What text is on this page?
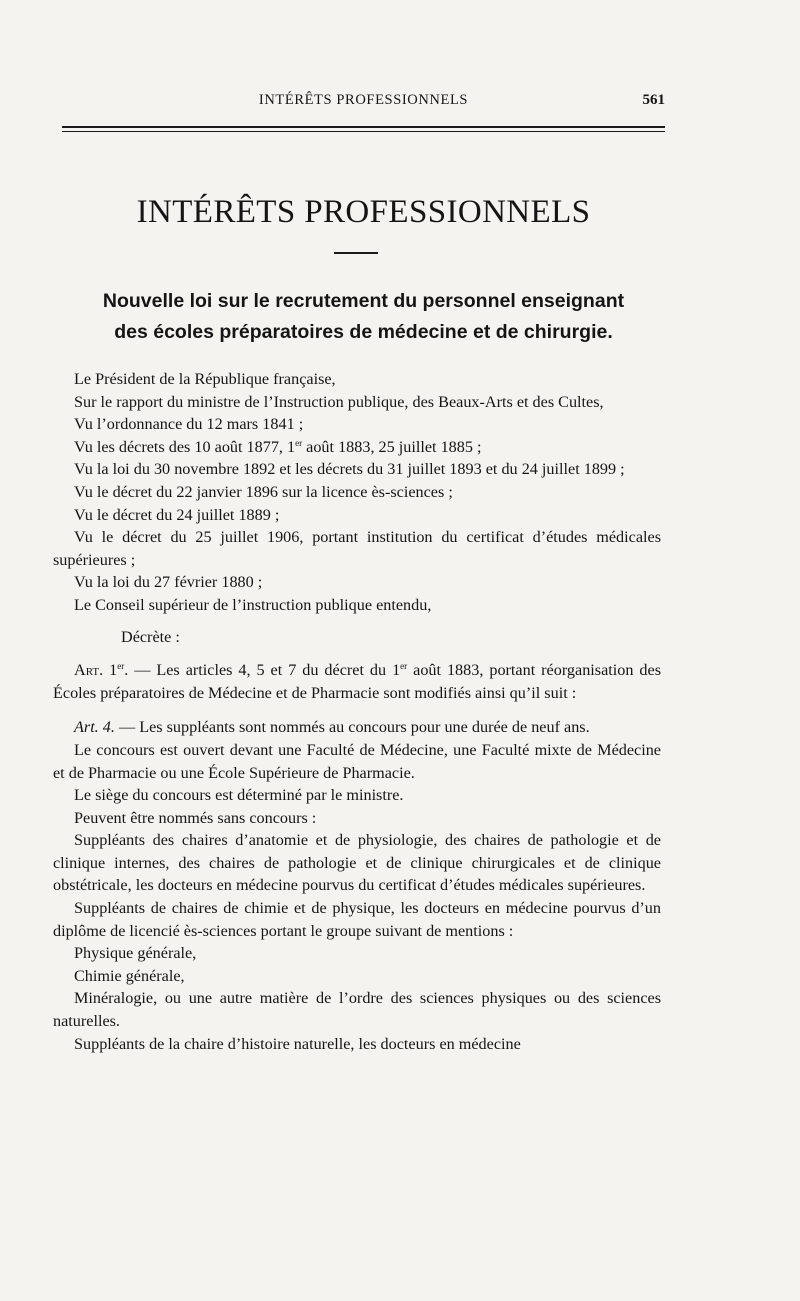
INTÉRÊTS PROFESSIONNELS	561
INTÉRÊTS PROFESSIONNELS
Nouvelle loi sur le recrutement du personnel enseignant
des écoles préparatoires de médecine et de chirurgie.

Le Président de la République française,

Sur le rapport du ministre de l’Instruction publique, des Beaux-Arts et des Cultes,

Vu l’ordonnance du 12 mars 1841 ;

Vu les décrets des 10 août 1877, 1er août 1883, 25 juillet 1885 ;

Vu la loi du 30 novembre 1892 et les décrets du 31 juillet 1893 et du 24 juillet 1899 ;

Vu le décret du 22 janvier 1896 sur la licence ès-sciences ;

Vu le décret du 24 juillet 1889 ;

Vu le décret du 25 juillet 1906, portant institution du certificat d’études médicales supérieures ;

Vu la loi du 27 février 1880 ;

Le Conseil supérieur de l’instruction publique entendu,

Décrète :

Art. 1er. — Les articles 4, 5 et 7 du décret du 1er août 1883, portant réorganisation des Écoles préparatoires de Médecine et de Pharmacie sont modifiés ainsi qu’il suit :

Art. 4. — Les suppléants sont nommés au concours pour une durée de neuf ans.

Le concours est ouvert devant une Faculté de Médecine, une Faculté mixte de Médecine et de Pharmacie ou une École Supérieure de Pharmacie.

Le siège du concours est déterminé par le ministre.

Peuvent être nommés sans concours :

Suppléants des chaires d’anatomie et de physiologie, des chaires de pathologie et de clinique internes, des chaires de pathologie et de clinique chirurgicales et de clinique obstétricale, les docteurs en médecine pourvus du certificat d’études médicales supérieures.

Suppléants de chaires de chimie et de physique, les docteurs en médecine pourvus d’un diplôme de licencié ès-sciences portant le groupe suivant de mentions :

Physique générale,

Chimie générale,

Minéralogie, ou une autre matière de l’ordre des sciences physiques ou des sciences naturelles.

Suppléants de la chaire d’histoire naturelle, les docteurs en médecine
